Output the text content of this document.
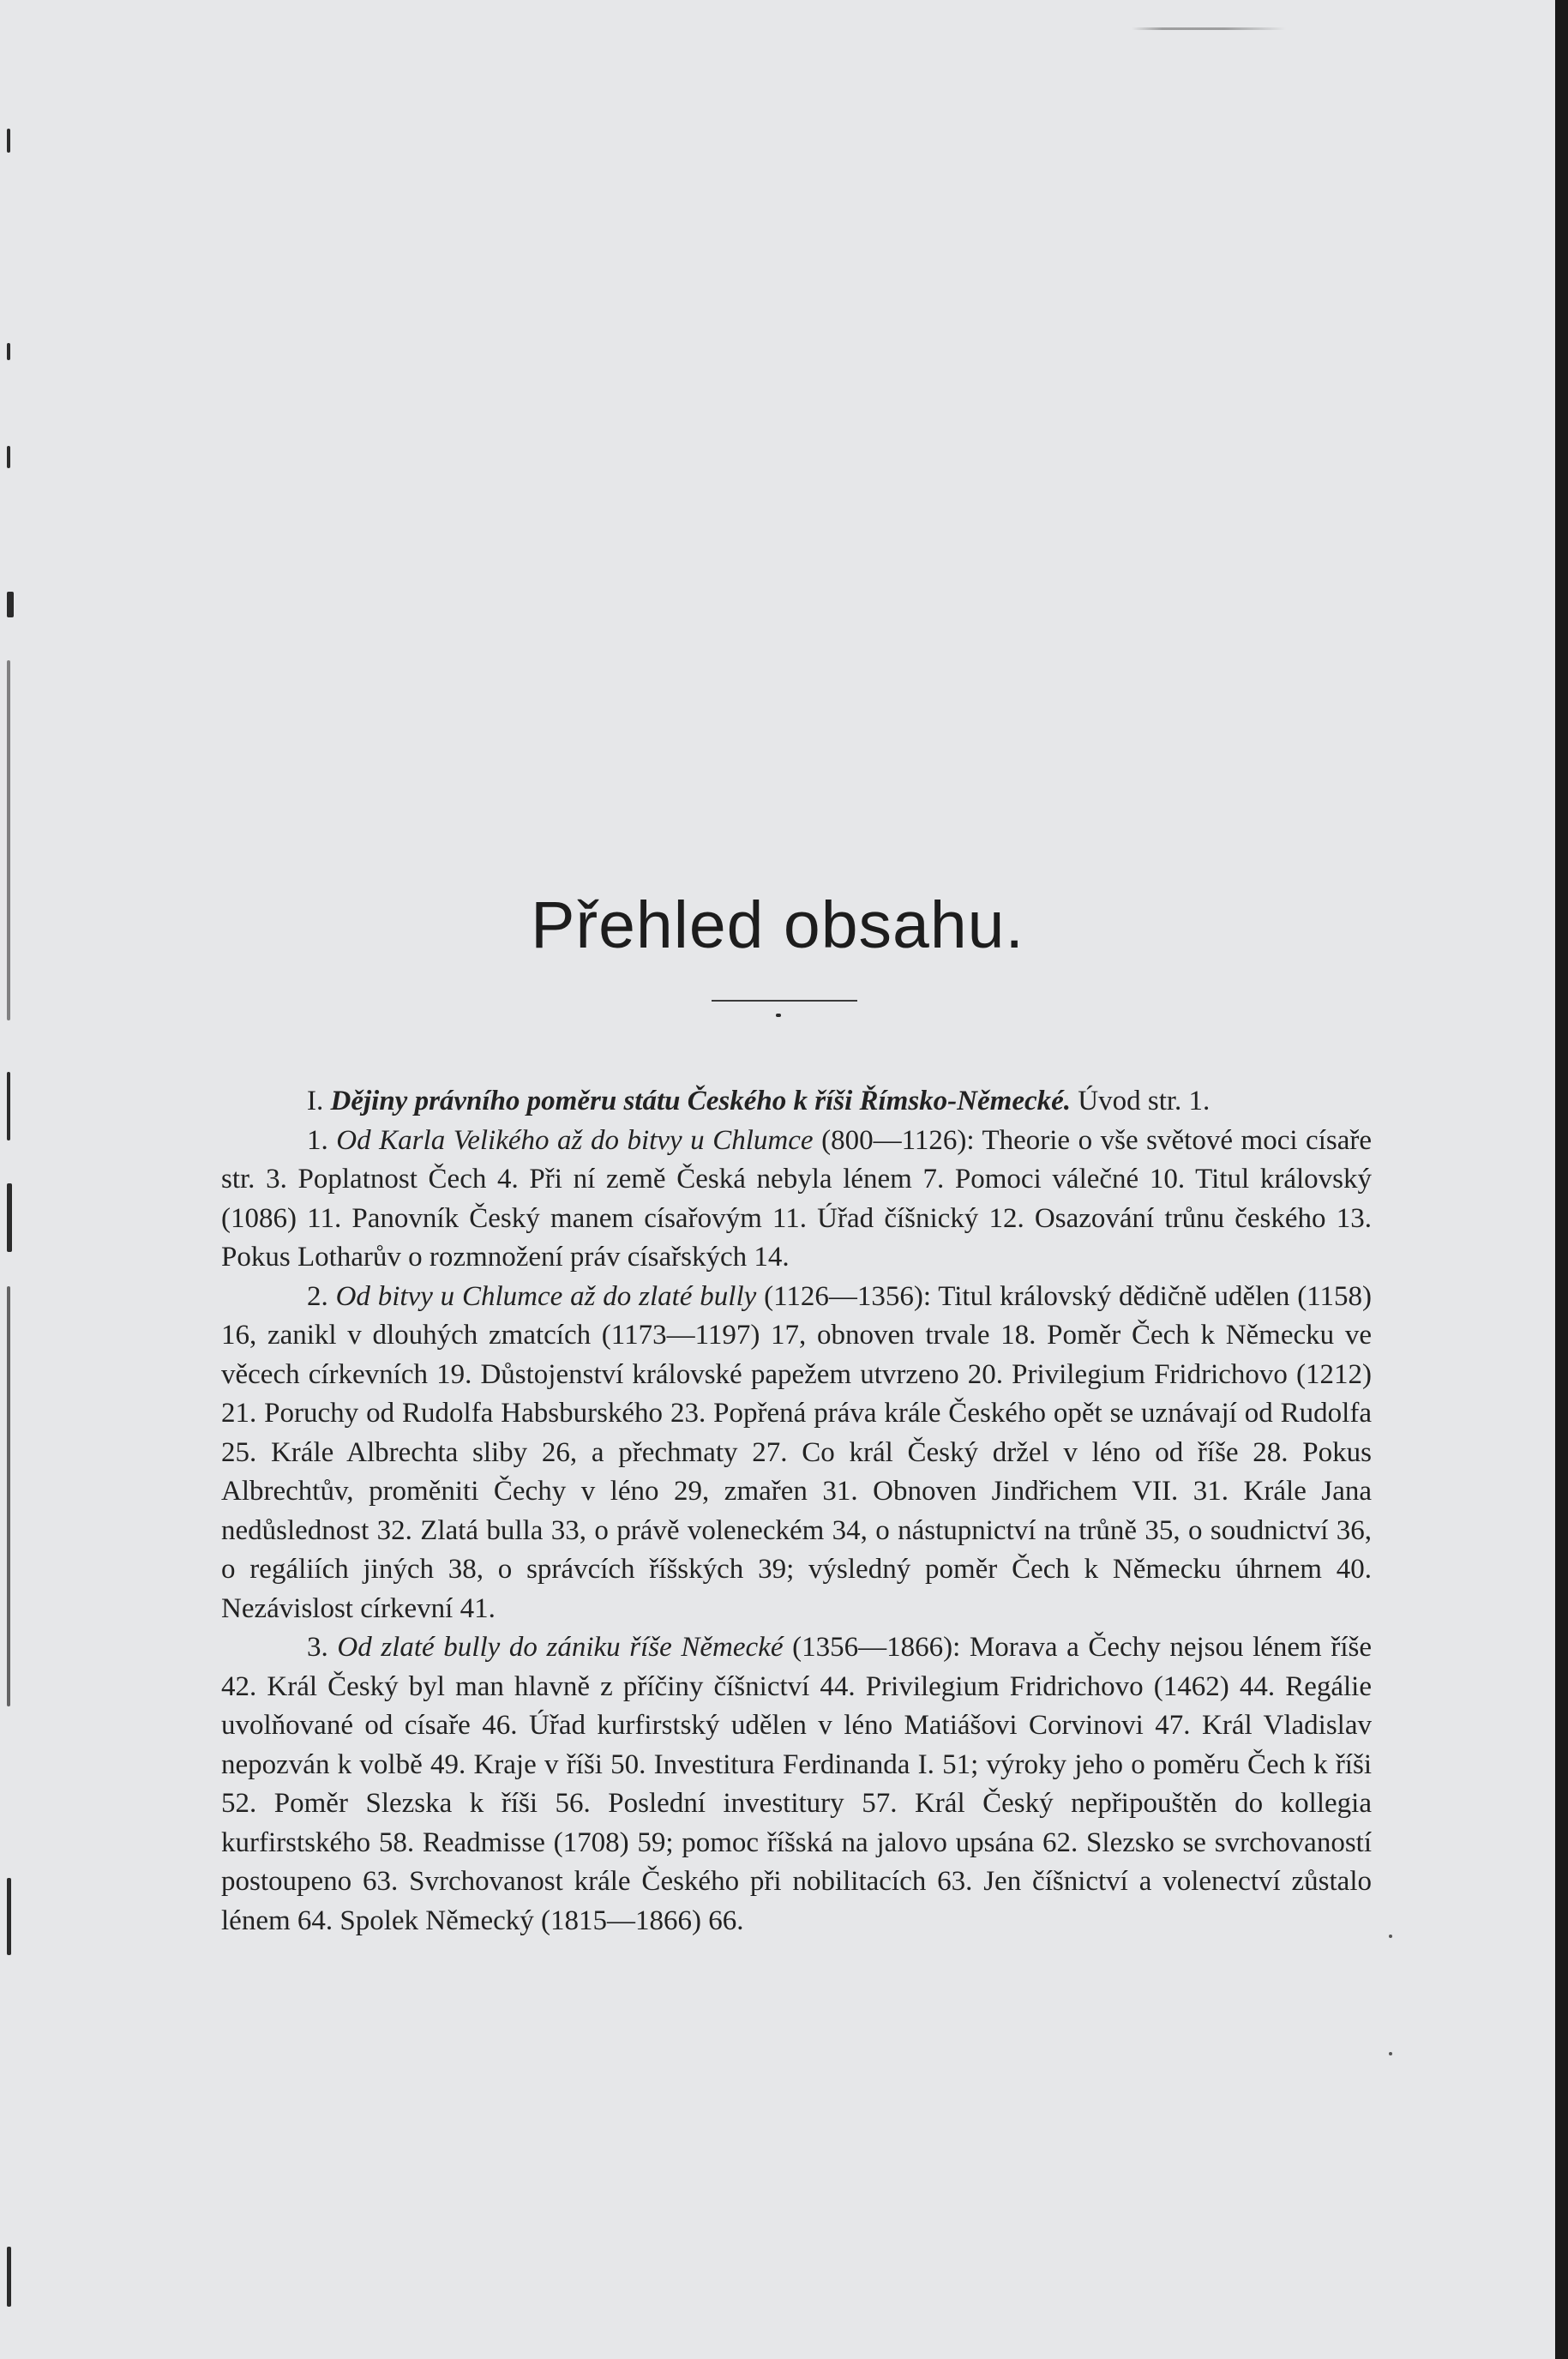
Přehled obsahu.

I. Dějiny právního poměru státu Českého k říši Římsko-Německé. Úvod str. 1.

1. Od Karla Velikého až do bitvy u Chlumce (800—1126): Theorie o vše světové moci císaře str. 3. Poplatnost Čech 4. Při ní země Česká nebyla lénem 7. Pomoci válečné 10. Titul královský (1086) 11. Panovník Český manem císařovým 11. Úřad číšnický 12. Osazování trůnu českého 13. Pokus Lotharův o rozmnožení práv císařských 14.

2. Od bitvy u Chlumce až do zlaté bully (1126—1356): Titul královský dědičně udělen (1158) 16, zanikl v dlouhých zmatcích (1173—1197) 17, obnoven trvale 18. Poměr Čech k Německu ve věcech církevních 19. Důstojenství královské papežem utvrzeno 20. Privilegium Fridrichovo (1212) 21. Poruchy od Rudolfa Habsburského 23. Popřená práva krále Českého opět se uznávají od Rudolfa 25. Krále Albrechta sliby 26, a přechmaty 27. Co král Český držel v léno od říše 28. Pokus Albrechtův, proměniti Čechy v léno 29, zmařen 31. Obnoven Jindřichem VII. 31. Krále Jana nedůslednost 32. Zlatá bulla 33, o právě voleneckém 34, o nástupnictví na trůně 35, o soudnictví 36, o regáliích jiných 38, o správcích říšských 39; výsledný poměr Čech k Německu úhrnem 40. Nezávislost církevní 41.

3. Od zlaté bully do zániku říše Německé (1356—1866): Morava a Čechy nejsou lénem říše 42. Král Český byl man hlavně z příčiny číšnictví 44. Privilegium Fridrichovo (1462) 44. Regálie uvolňované od císaře 46. Úřad kurfirstský udělen v léno Matiášovi Corvinovi 47. Král Vladislav nepozván k volbě 49. Kraje v říši 50. Investitura Ferdinanda I. 51; výroky jeho o poměru Čech k říši 52. Poměr Slezska k říši 56. Poslední investitury 57. Král Český nepřipouštěn do kollegia kurfirstského 58. Readmisse (1708) 59; pomoc říšská na jalovo upsána 62. Slezsko se svrchovaností postoupeno 63. Svrchovanost krále Českého při nobilitacích 63. Jen číšnictví a volenectví zůstalo lénem 64. Spolek Německý (1815—1866) 66.
